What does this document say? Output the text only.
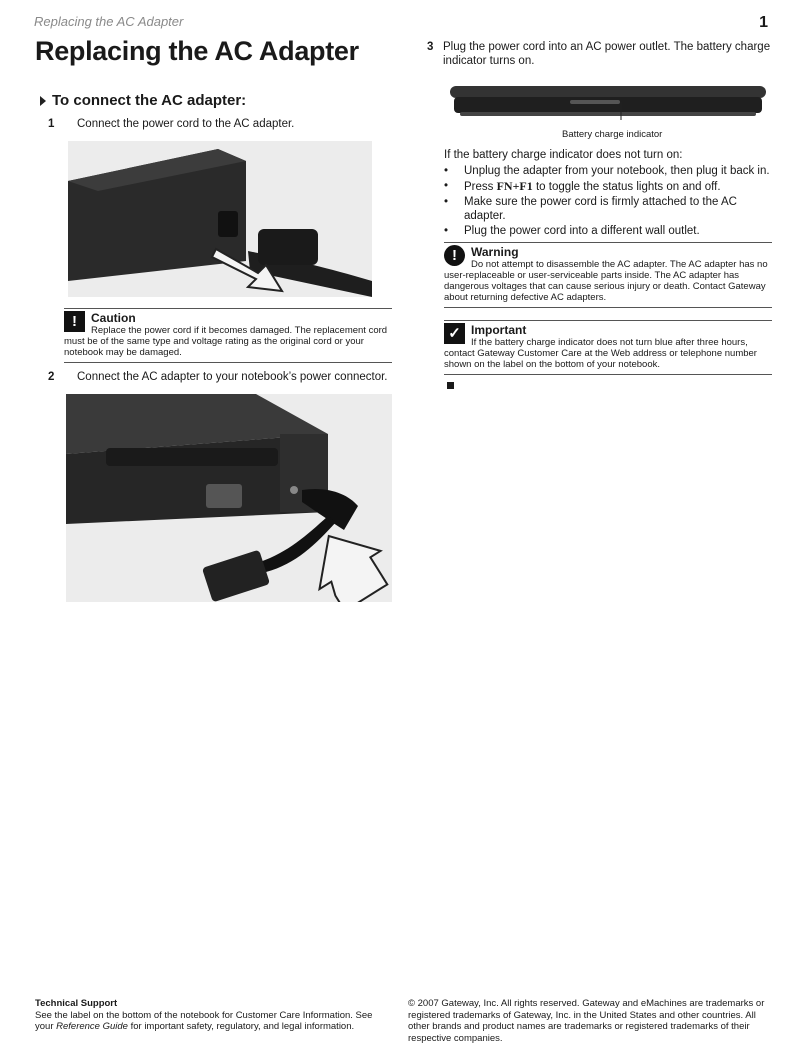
Replacing the AC Adapter	1
Replacing the AC Adapter
To connect the AC adapter:
1 Connect the power cord to the AC adapter.
!	Caution
Replace the power cord if it becomes damaged. The replacement cord must be of the same type and voltage rating as the original cord or your notebook may be damaged.
2 Connect the AC adapter to your notebook’s power connector.
3 Plug the power cord into an AC power outlet. The battery charge indicator turns on.
Battery charge indicator
If the battery charge indicator does not turn on:
• Unplug the adapter from your notebook, then plug it back in.
• Press FN+F1 to toggle the status lights on and off.
• Make sure the power cord is firmly attached to the AC adapter.
• Plug the power cord into a different wall outlet.
!	Warning
Do not attempt to disassemble the AC adapter. The AC adapter has no user-replaceable or user-serviceable parts inside. The AC adapter has dangerous voltages that can cause serious injury or death. Contact Gateway about returning defective AC adapters.
✓ Important
If the battery charge indicator does not turn blue after three hours, contact Gateway Customer Care at the Web address or telephone number shown on the label on the bottom of your notebook.
Technical Support
See the label on the bottom of the notebook for Customer Care Information. See your Reference Guide for important safety, regulatory, and legal information.
© 2007 Gateway, Inc. All rights reserved. Gateway and eMachines are trademarks or registered trademarks of Gateway, Inc. in the United States and other countries. All other brands and product names are trademarks or registered trademarks of their respective companies.
